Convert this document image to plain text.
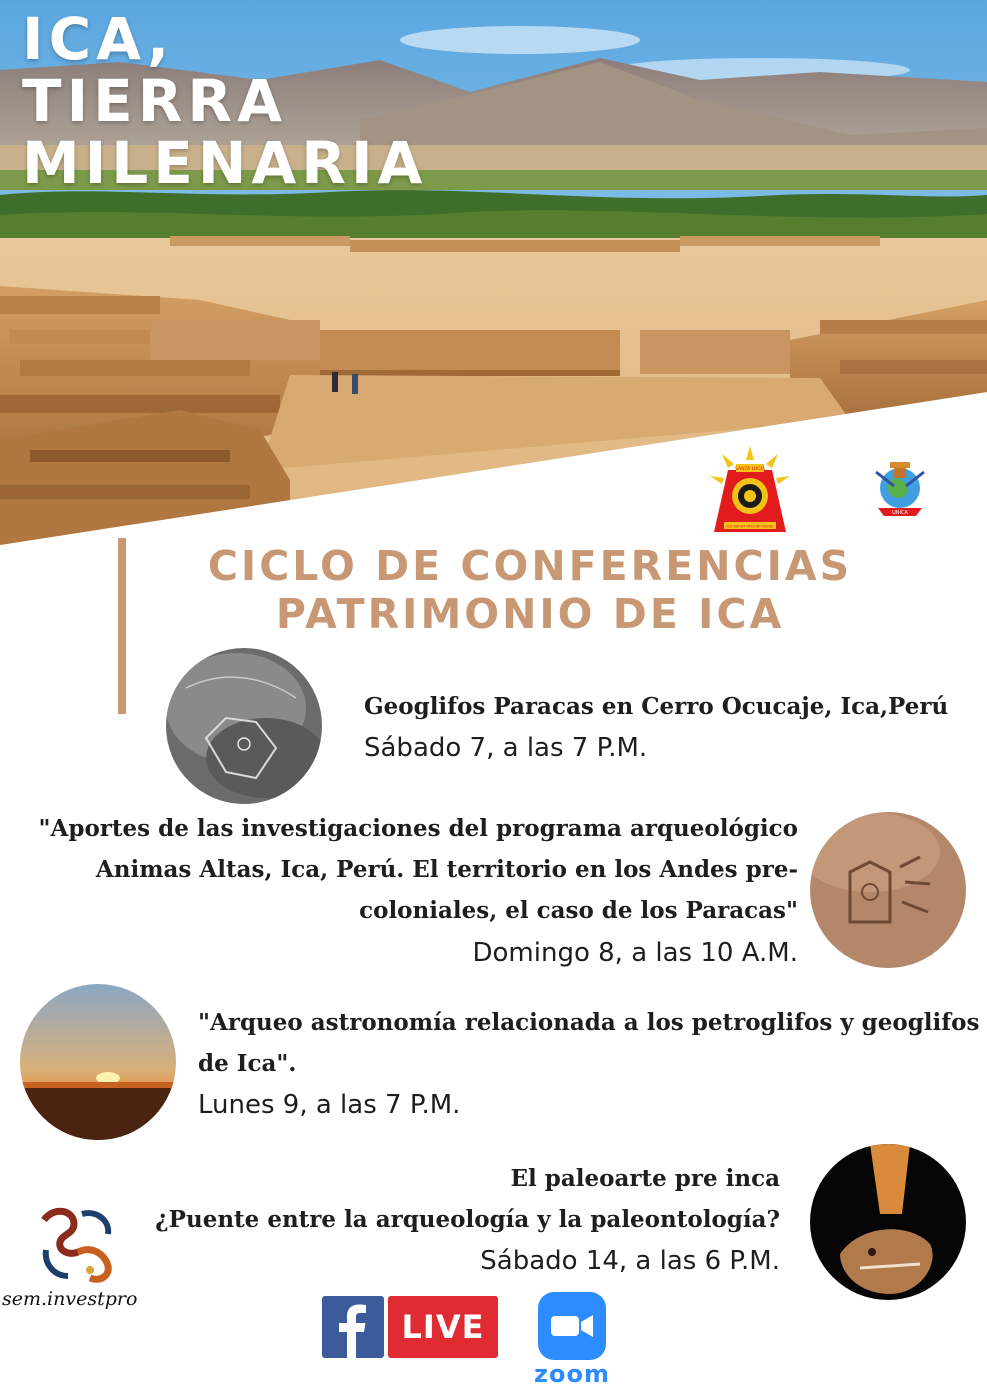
ICA,
TIERRA
MILENARIA
SANTA LUCÍA
ICA NATUM PROVIRY MUNDI
UNICA
CICLO DE CONFERENCIAS
PATRIMONIO DE ICA
Geoglifos Paracas en Cerro Ocucaje, Ica,Perú
Sábado 7, a las 7 P.M.
"Aportes de las investigaciones del programa arqueológico
Animas Altas, Ica, Perú. El territorio en los Andes pre-
coloniales, el caso de los Paracas"
Domingo 8, a las 10 A.M.
"Arqueo astronomía relacionada a los petroglifos y geoglifos
de Ica".
Lunes 9, a las 7 P.M.
El paleoarte pre inca
¿Puente entre la arqueología y la paleontología?
Sábado 14, a las 6 P.M.
sem.investpro
LIVE
zoom
